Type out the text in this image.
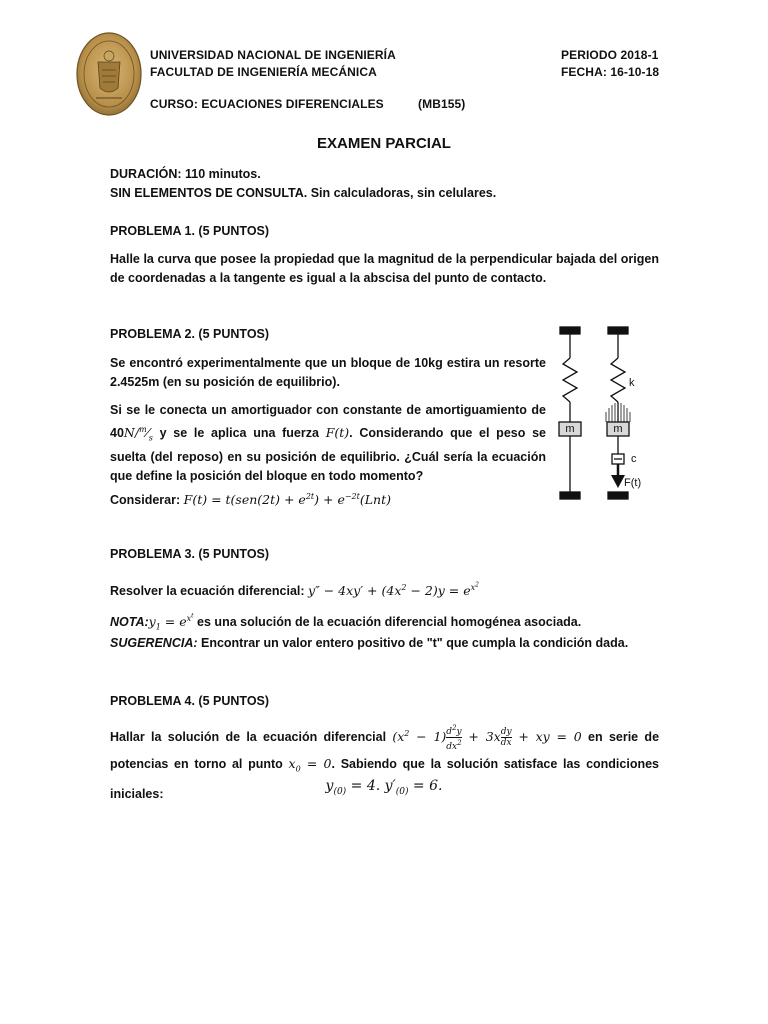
UNIVERSIDAD NACIONAL DE INGENIERÍA
FACULTAD DE INGENIERÍA MECÁNICA
CURSO: ECUACIONES DIFERENCIALES	(MB155)
PERIODO 2018-1
FECHA: 16-10-18
EXAMEN PARCIAL
DURACIÓN: 110 minutos.
SIN ELEMENTOS DE CONSULTA. Sin calculadoras, sin celulares.
PROBLEMA 1. (5 PUNTOS)
Halle la curva que posee la propiedad que la magnitud de la perpendicular bajada del origen de coordenadas a la tangente es igual a la abscisa del punto de contacto.
PROBLEMA 2. (5 PUNTOS)
Se encontró experimentalmente que un bloque de 10kg estira un resorte 2.4525m (en su posición de equilibrio).
Si se le conecta un amortiguador con constante de amortiguamiento de $40N/^m⁄_s$ y se le aplica una fuerza F(t). Considerando que el peso se suelta (del reposo) en su posición de equilibrio. ¿Cuál sería la ecuación que define la posición del bloque en todo momento?
Considerar: $F(t) = t(sen(2t) + e^{2t}) + e^{-2t}(Lnt)$
m	m
k
c
F(t)
PROBLEMA 3. (5 PUNTOS)
Resolver la ecuación diferencial: $y'' - 4xy' + (4x^2 - 2)y = e^{x^2}$
$NOTA:y_1 = e^{x^t}$ es una solución de la ecuación diferencial homogénea asociada.
SUGERENCIA: Encontrar un valor entero positivo de "t" que cumpla la condición dada.
PROBLEMA 4. (5 PUNTOS)
Hallar la solución de la ecuación diferencial $(x^2 - 1) \frac{d^2y}{dx^2} + 3x \frac{dy}{dx}$ + xy = 0 en serie de potencias en torno al punto $x_0 = 0$. Sabiendo que la solución satisface las condiciones iniciales:	$y_{(0)} = 4$. $y'_{(0)} = 6$.
